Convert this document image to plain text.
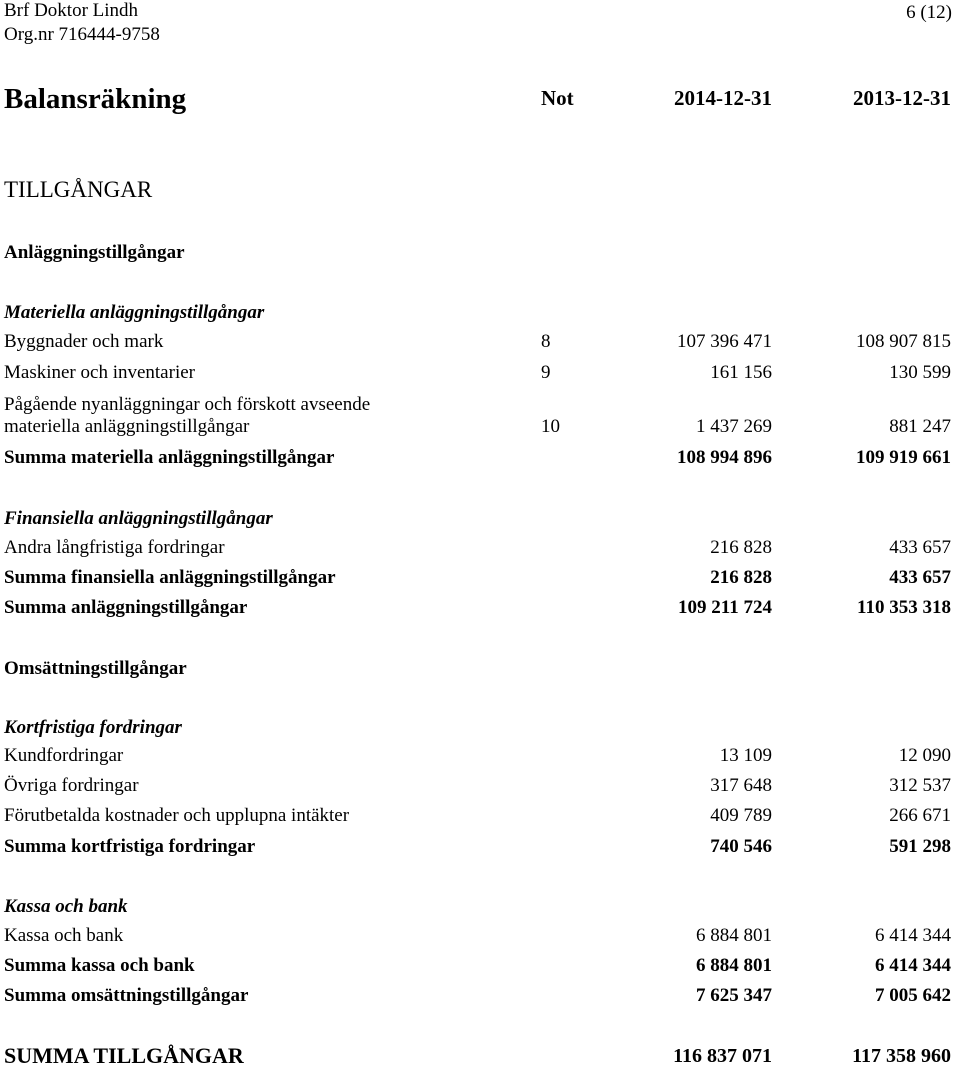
Brf Doktor Lindh
Org.nr 716444-9758
6 (12)
Balansräkning	Not	2014-12-31	2013-12-31
TILLGÅNGAR
Anläggningstillgångar
Materiella anläggningstillgångar
Byggnader och mark	8	107 396 471	108 907 815
Maskiner och inventarier	9	161 156	130 599
Pågående nyanläggningar och förskott avseende
materiella anläggningstillgångar	10	1 437 269	881 247
Summa materiella anläggningstillgångar	108 994 896	109 919 661
Finansiella anläggningstillgångar
Andra långfristiga fordringar	216 828	433 657
Summa finansiella anläggningstillgångar	216 828	433 657
Summa anläggningstillgångar	109 211 724	110 353 318
Omsättningstillgångar
Kortfristiga fordringar
Kundfordringar	13 109	12 090
Övriga fordringar	317 648	312 537
Förutbetalda kostnader och upplupna intäkter	409 789	266 671
Summa kortfristiga fordringar	740 546	591 298
Kassa och bank
Kassa och bank	6 884 801	6 414 344
Summa kassa och bank	6 884 801	6 414 344
Summa omsättningstillgångar	7 625 347	7 005 642
SUMMA TILLGÅNGAR	116 837 071	117 358 960
